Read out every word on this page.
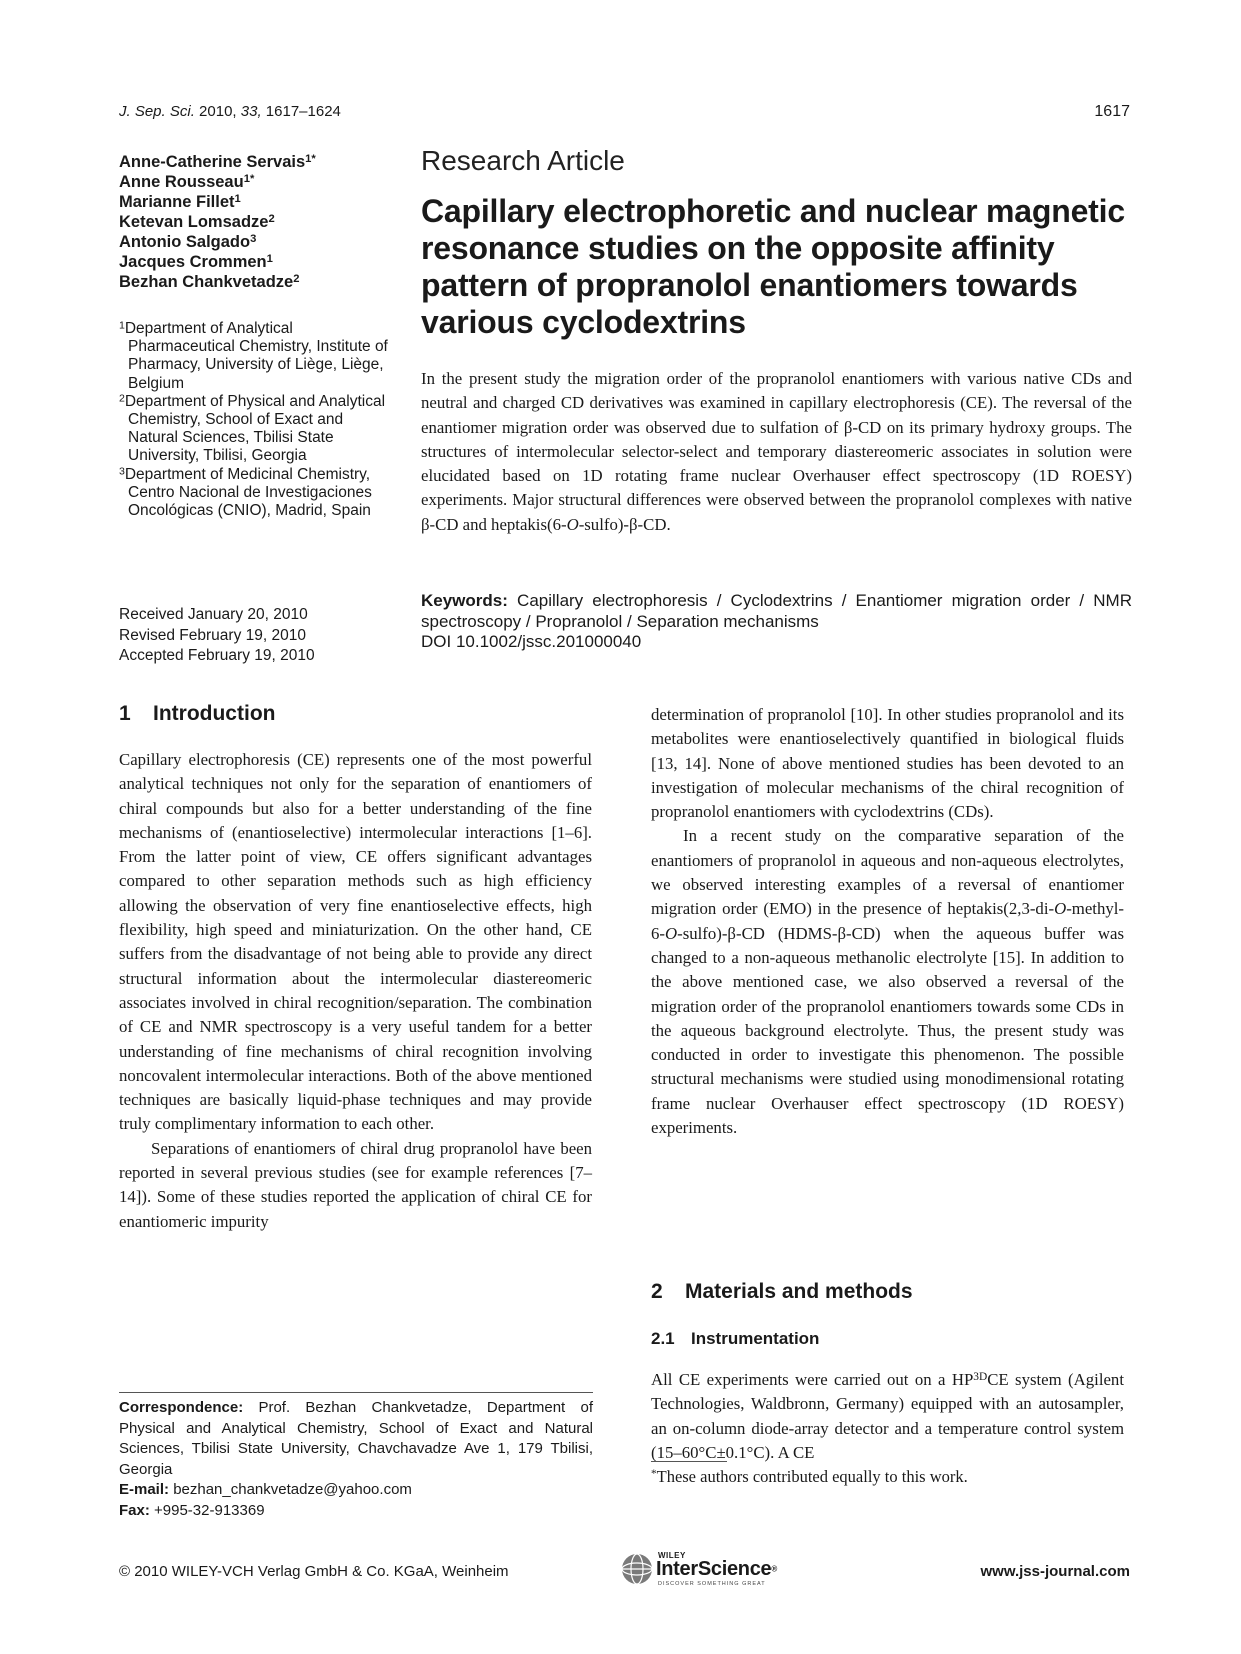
J. Sep. Sci. 2010, 33, 1617–1624	1617
Anne-Catherine Servais$^{1*}$
Anne Rousseau$^{1*}$
Marianne Fillet$^1$
Ketevan Lomsadze$^2$
Antonio Salgado$^3$
Jacques Crommen$^1$
Bezhan Chankvetadze$^2$

$^1$Department of Analytical Pharmaceutical Chemistry, Institute of Pharmacy, University of Liège, Liège, Belgium

$^2$Department of Physical and Analytical Chemistry, School of Exact and Natural Sciences, Tbilisi State University, Tbilisi, Georgia

$^3$Department of Medicinal Chemistry, Centro Nacional de Investigaciones Oncológicas (CNIO), Madrid, Spain

Received January 20, 2010
Revised February 19, 2010
Accepted February 19, 2010
Research Article
Capillary electrophoretic and nuclear magnetic resonance studies on the opposite affinity pattern of propranolol enantiomers towards various cyclodextrins

In the present study the migration order of the propranolol enantiomers with various native CDs and neutral and charged CD derivatives was examined in capillary electrophoresis (CE). The reversal of the enantiomer migration order was observed due to sulfation of β-CD on its primary hydroxy groups. The structures of intermolecular selector-select and temporary diastereomeric associates in solution were elucidated based on 1D rotating frame nuclear Overhauser effect spectroscopy (1D ROESY) experiments. Major structural differences were observed between the propranolol complexes with native β-CD and heptakis(6-O-sulfo)-β-CD.

Keywords: Capillary electrophoresis / Cyclodextrins / Enantiomer migration order / NMR spectroscopy / Propranolol / Separation mechanisms

DOI 10.1002/jssc.201000040
1 Introduction

Capillary electrophoresis (CE) represents one of the most powerful analytical techniques not only for the separation of enantiomers of chiral compounds but also for a better understanding of the fine mechanisms of (enantioselective) intermolecular interactions [1–6]. From the latter point of view, CE offers significant advantages compared to other separation methods such as high efficiency allowing the observation of very fine enantioselective effects, high flexibility, high speed and miniaturization. On the other hand, CE suffers from the disadvantage of not being able to provide any direct structural information about the intermolecular diastereomeric associates involved in chiral recognition/separation. The combination of CE and NMR spectroscopy is a very useful tandem for a better understanding of fine mechanisms of chiral recognition involving noncovalent intermolecular interactions. Both of the above mentioned techniques are basically liquid-phase techniques and may provide truly complimentary information to each other.

Separations of enantiomers of chiral drug propranolol have been reported in several previous studies (see for example references [7–14]). Some of these studies reported the application of chiral CE for enantiomeric impurity

determination of propranolol [10]. In other studies propranolol and its metabolites were enantioselectively quantified in biological fluids [13, 14]. None of above mentioned studies has been devoted to an investigation of molecular mechanisms of the chiral recognition of propranolol enantiomers with cyclodextrins (CDs).

In a recent study on the comparative separation of the enantiomers of propranolol in aqueous and non-aqueous electrolytes, we observed interesting examples of a reversal of enantiomer migration order (EMO) in the presence of heptakis(2,3-di-O-methyl-6-O-sulfo)-β-CD (HDMS-β-CD) when the aqueous buffer was changed to a non-aqueous methanolic electrolyte [15]. In addition to the above mentioned case, we also observed a reversal of the migration order of the propranolol enantiomers towards some CDs in the aqueous background electrolyte. Thus, the present study was conducted in order to investigate this phenomenon. The possible structural mechanisms were studied using monodimensional rotating frame nuclear Overhauser effect spectroscopy (1D ROESY) experiments.

2 Materials and methods
2.1 Instrumentation

All CE experiments were carried out on a $HP^{3D}CE$ system (Agilent Technologies, Waldbronn, Germany) equipped with an autosampler, an on-column diode-array detector and a temperature control system (15–60°C±0.1°C). A CE

Correspondence: Prof. Bezhan Chankvetadze, Department of Physical and Analytical Chemistry, School of Exact and Natural Sciences, Tbilisi State University, Chavchavadze Ave 1, 179 Tbilisi, Georgia
E-mail: bezhan_chankvetadze@yahoo.com
Fax: +995-32-913369
*These authors contributed equally to this work.
© 2010 WILEY-VCH Verlag GmbH & Co. KGaA, Weinheim
WILEY
InterScience®
DISCOVER SOMETHING GREAT
www.jss-journal.com
